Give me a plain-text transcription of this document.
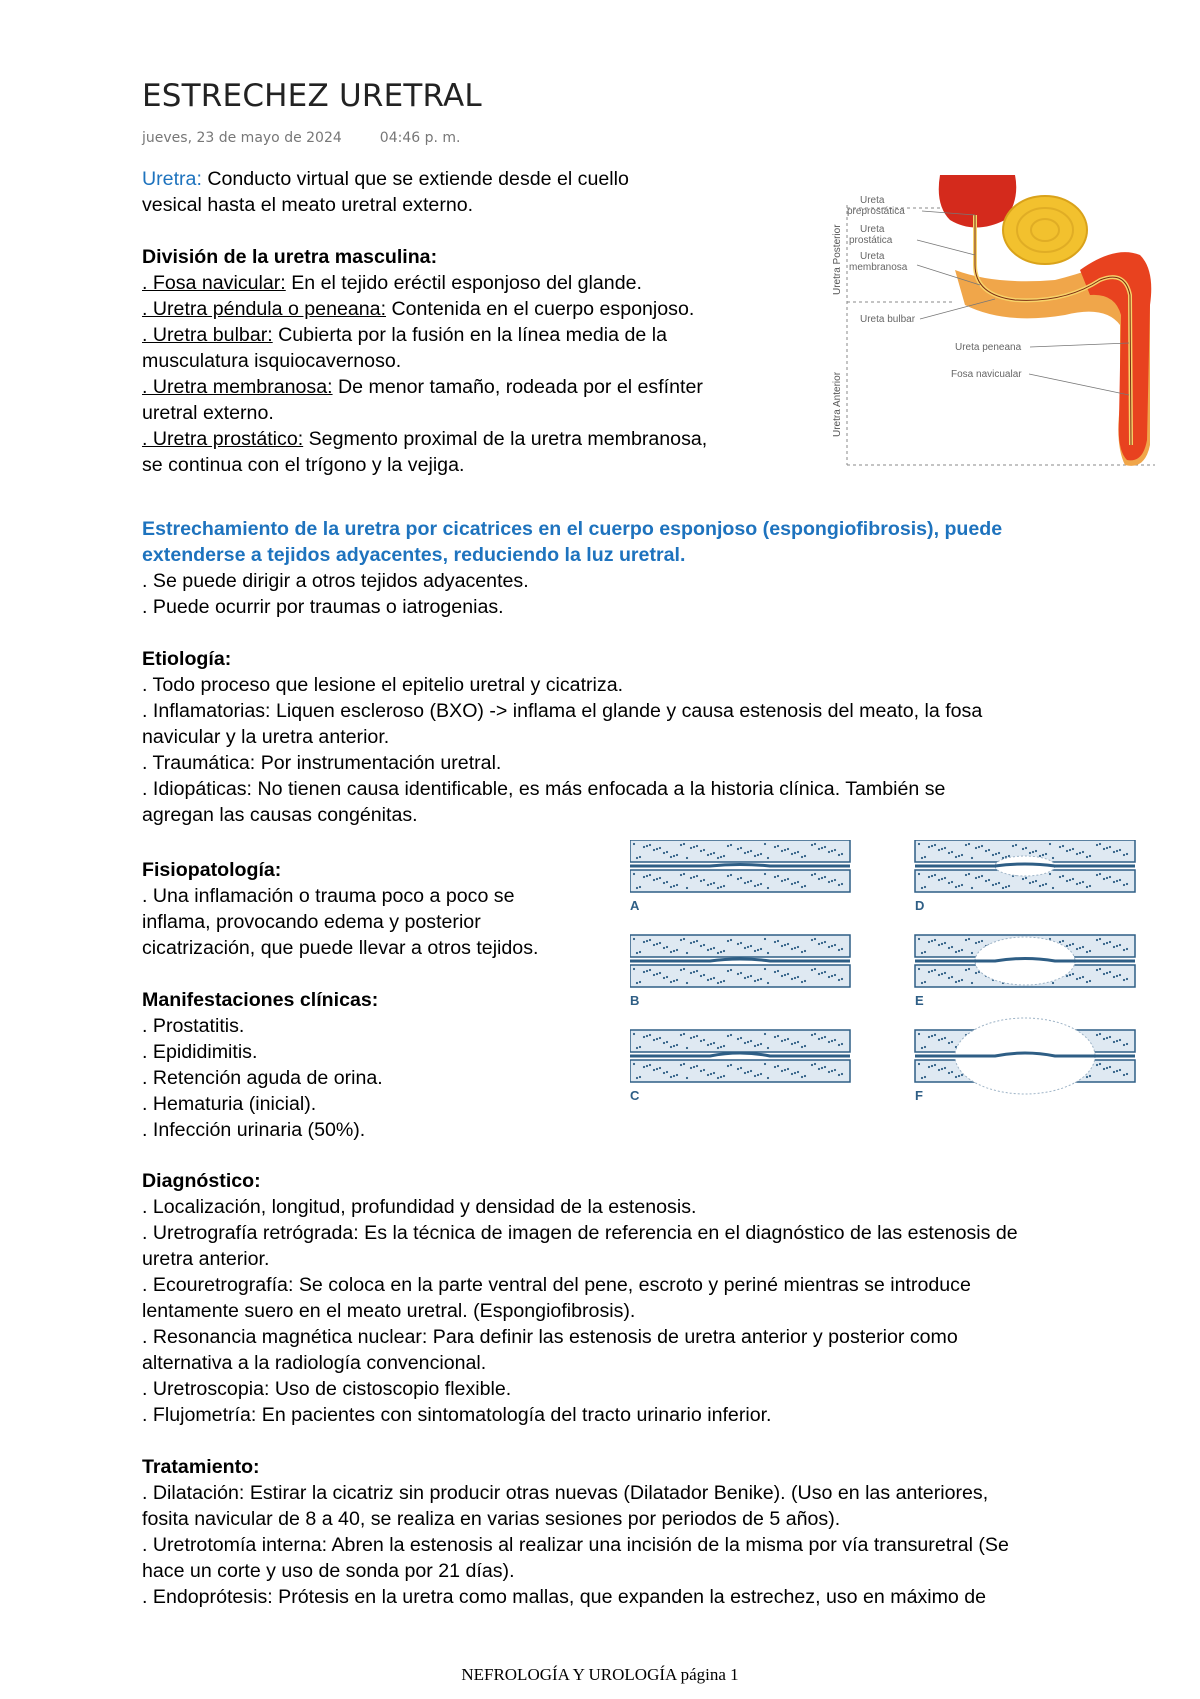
ESTRECHEZ URETRAL
jueves, 23 de mayo de 2024	04:46 p. m.

Uretra: Conducto virtual que se extiende desde el cuello

vesical hasta el meato uretral externo.

División de la uretra masculina:

. Fosa navicular: En el tejido eréctil esponjoso del glande.

. Uretra péndula o peneana: Contenida en el cuerpo esponjoso.

. Uretra bulbar: Cubierta por la fusión en la línea media de la

musculatura isquiocavernoso.

. Uretra membranosa: De menor tamaño, rodeada por el esfínter

uretral externo.

. Uretra prostático: Segmento proximal de la uretra membranosa,

se continua con el trígono y la vejiga.

Estrechamiento de la uretra por cicatrices en el cuerpo esponjoso (espongiofibrosis), puede

extenderse a tejidos adyacentes, reduciendo la luz uretral.

. Se puede dirigir a otros tejidos adyacentes.

. Puede ocurrir por traumas o iatrogenias.

Etiología:

. Todo proceso que lesione el epitelio uretral y cicatriza.

. Inflamatorias: Liquen escleroso (BXO) -> inflama el glande y causa estenosis del meato, la fosa

navicular y la uretra anterior.

. Traumática: Por instrumentación uretral.

. Idiopáticas: No tienen causa identificable, es más enfocada a la historia clínica. También se

agregan las causas congénitas.

Fisiopatología:

. Una inflamación o trauma poco a poco se

inflama, provocando edema y posterior

cicatrización, que puede llevar a otros tejidos.

Manifestaciones clínicas:

. Prostatitis.

. Epididimitis.

. Retención aguda de orina.

. Hematuria (inicial).

. Infección urinaria (50%).

Diagnóstico:

. Localización, longitud, profundidad y densidad de la estenosis.

. Uretrografía retrógrada: Es la técnica de imagen de referencia en el diagnóstico de las estenosis de

uretra anterior.

. Ecouretrografía: Se coloca en la parte ventral del pene, escroto y periné mientras se introduce

lentamente suero en el meato uretral. (Espongiofibrosis).

. Resonancia magnética nuclear: Para definir las estenosis de uretra anterior y posterior como

alternativa a la radiología convencional.

. Uretroscopia: Uso de cistoscopio flexible.

. Flujometría: En pacientes con sintomatología del tracto urinario inferior.

Tratamiento:

. Dilatación: Estirar la cicatriz sin producir otras nuevas (Dilatador Benike). (Uso en las anteriores,

fosita navicular de 8 a 40, se realiza en varias sesiones por periodos de 5 años).

. Uretrotomía interna: Abren la estenosis al realizar una incisión de la misma por vía transuretral (Se

hace un corte y uso de sonda por 21 días).

. Endoprótesis: Prótesis en la uretra como mallas, que expanden la estrechez, uso en máximo de

Uretra Posterior
Uretra Anterior
Ureta
preprostática
Ureta
prostática
Ureta
membranosa
Ureta bulbar
Ureta peneana
Fosa navicualar
A
B
C
D
E
F
NEFROLOGÍA Y UROLOGÍA página 1
